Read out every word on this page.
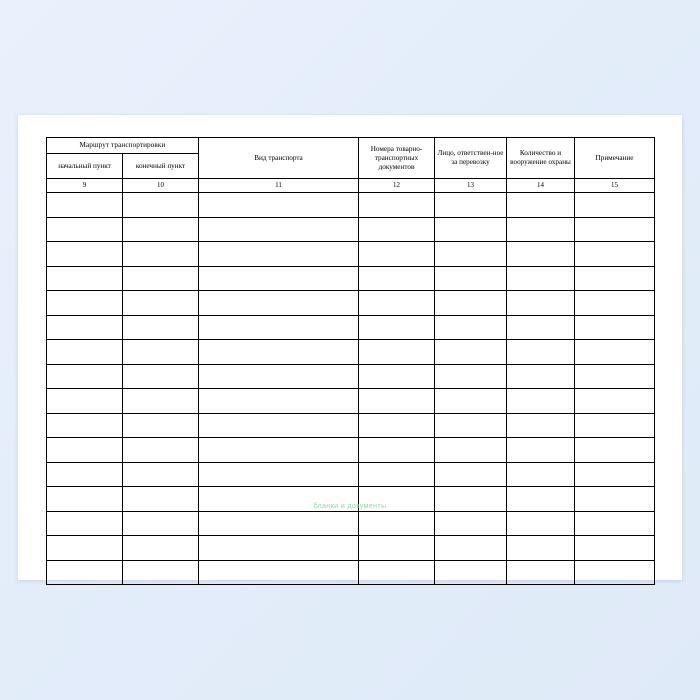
Маршрут транспортировки		Вид транспорта	Номера товарно-транспортных документов	Лицо, ответствен-ное за перевозку	Количество и вооружение охраны	Примечание
начальный пункт	конечный пункт					
9	10	11	12	13	14	15

бланки и документы
